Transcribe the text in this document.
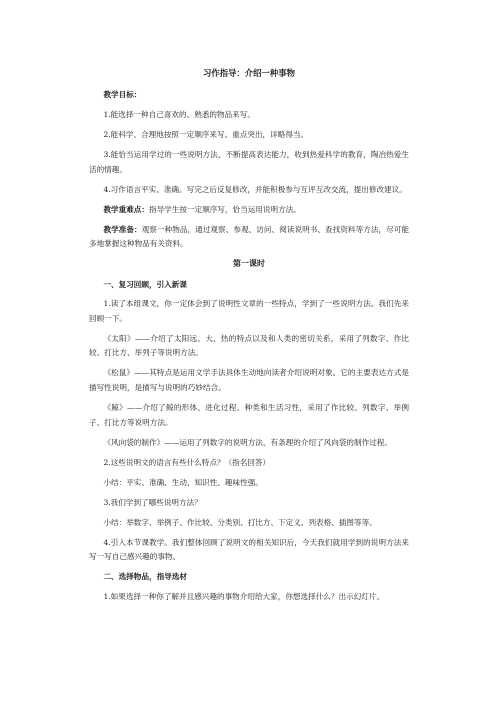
习作指导：介绍一种事物

教学目标：

1.能选择一种自己喜欢的、熟悉的物品来写。

2.能科学、合理地按照一定顺序来写。重点突出，详略得当。

3.能恰当运用学过的一些说明方法，不断提高表达能力，收到热爱科学的教育，陶冶热爱生活的情趣。

4.习作语言平实、准确。写完之后反复修改，并能积极参与互评互改交流，提出修改建议。

教学重难点：指导学生按一定顺序写，恰当运用说明方法。

教学准备：观察一种物品，通过观察、参观、访问、阅读说明书、查找资料等方法，尽可能多地掌握这种物品有关资料。

第一课时
一、复习回顾，引入新课

1.读了本组课文，你一定体会到了说明性文章的一些特点，学到了一些说明方法。我们先来回顾一下。

《太阳》——介绍了太阳远、大、热的特点以及和人类的密切关系，采用了列数字、作比较、打比方、举列子等说明方法。

《松鼠》——其特点是运用文学手法具体生动地向读者介绍说明对象。它的主要表达方式是描写性说明，是描写与说明的巧妙结合。

《鲸》——介绍了鲸的形体、进化过程、种类和生活习性，采用了作比较、列数字、举例子、打比方等说明方法。

《风向袋的制作》——运用了列数字的说明方法，有条理的介绍了风向袋的制作过程。

2.这些说明文的语言有些什么特点？（指名回答）

小结：平实、准确、生动，知识性、趣味性强。

3.我们学到了哪些说明方法？

小结：举数字、举例子、作比较、分类别、打比方、下定义、列表格、插图等等。

4.引入本节课教学。我们整体回顾了说明文的相关知识后，今天我们就用学到的说明方法来写一写自己感兴趣的事物。

二、选择物品，指导选材

1.如果选择一种你了解并且感兴趣的事物介绍给大家，你想选择什么？出示幻灯片。
